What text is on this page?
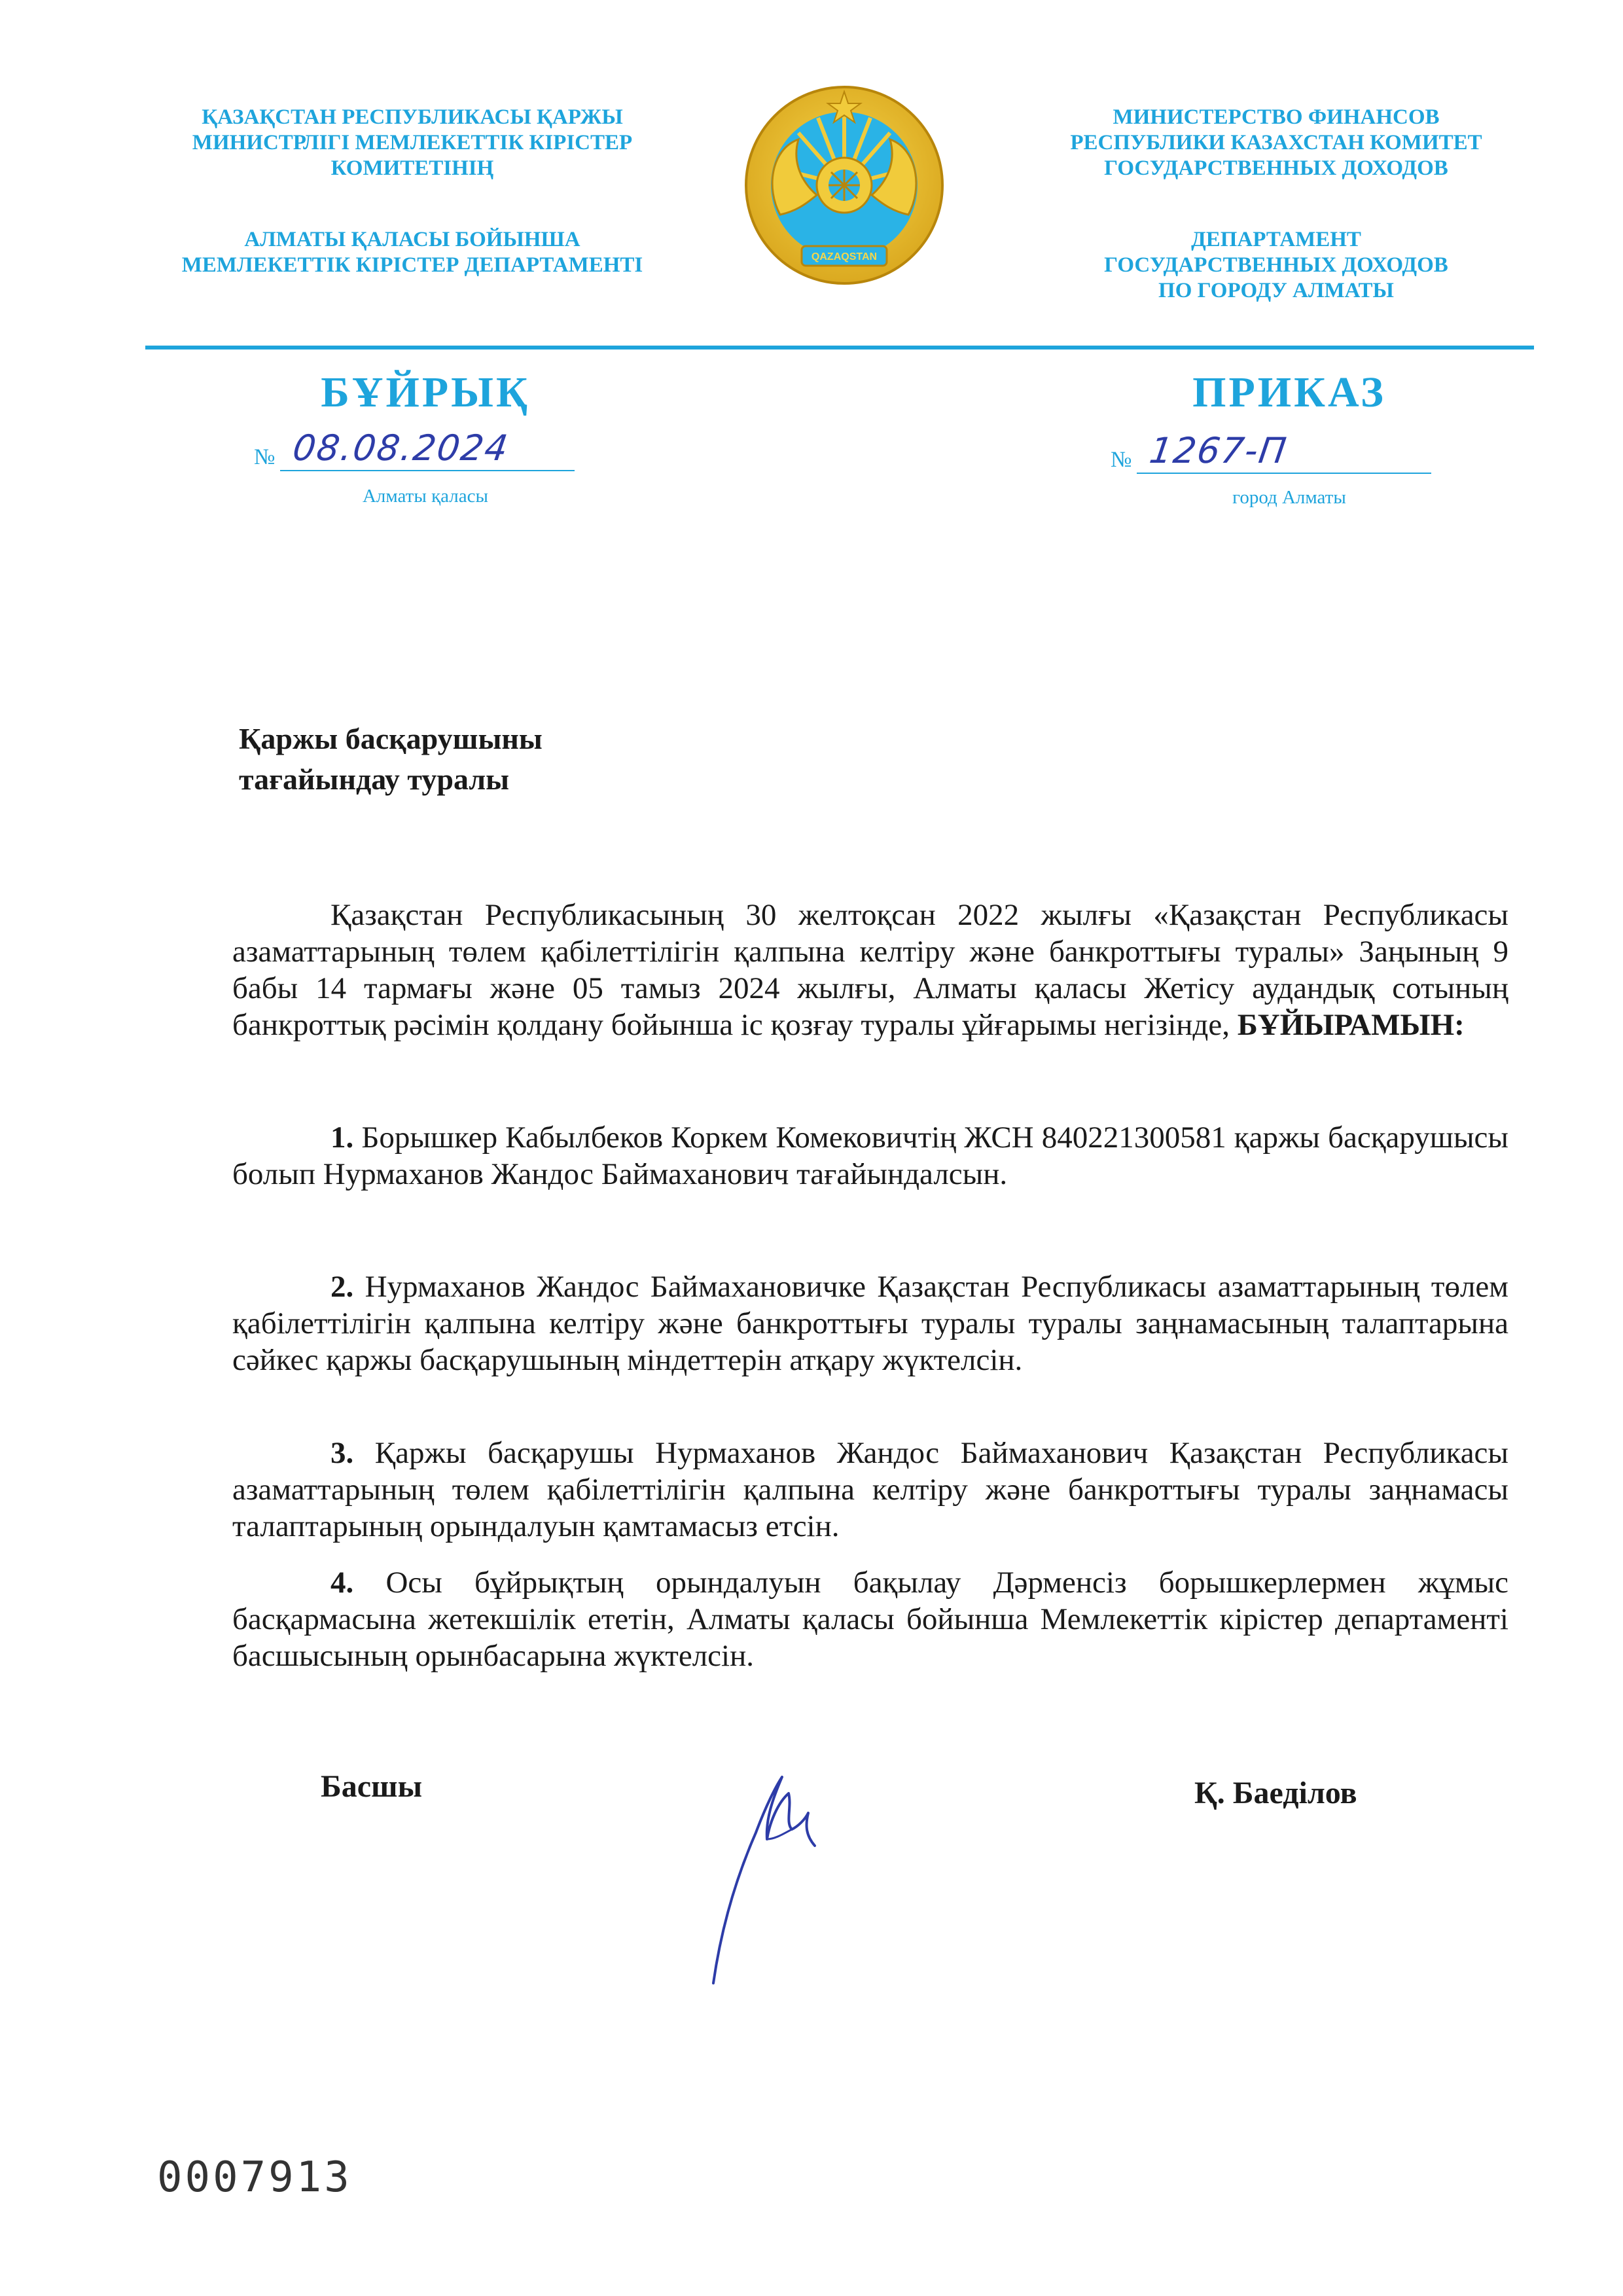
ҚАЗАҚСТАН РЕСПУБЛИКАСЫ ҚАРЖЫ
МИНИСТРЛІГІ МЕМЛЕКЕТТІК КІРІСТЕР
КОМИТЕТІНІҢ
АЛМАТЫ ҚАЛАСЫ БОЙЫНША
МЕМЛЕКЕТТІК КІРІСТЕР ДЕПАРТАМЕНТІ	QAZAQSTAN
МИНИСТЕРСТВО ФИНАНСОВ
РЕСПУБЛИКИ КАЗАХСТАН КОМИТЕТ
ГОСУДАРСТВЕННЫХ ДОХОДОВ
ДЕПАРТАМЕНТ
ГОСУДАРСТВЕННЫХ ДОХОДОВ
ПО ГОРОДУ АЛМАТЫ
БҰЙРЫҚ	ПРИКАЗ
№ 08.08.2024	№ 1267-П
Алматы қаласы	город Алматы
Қаржы басқарушыны
тағайындау туралы
Қазақстан Республикасының 30 желтоқсан 2022 жылғы «Қазақстан Республикасы азаматтарының төлем қабілеттілігін қалпына келтіру және банкроттығы туралы» Заңының 9 бабы 14 тармағы және 05 тамыз 2024 жылғы, Алматы қаласы Жетісу аудандық сотының банкроттық рәсімін қолдану бойынша іс қозғау туралы ұйғарымы негізінде, БҰЙЫРАМЫН:
1. Борышкер Кабылбеков Коркем Комековичтің ЖСН 840221300581 қаржы басқарушысы болып Нурмаханов Жандос Баймаханович тағайындалсын.
2. Нурмаханов Жандос Баймахановичке Қазақстан Республикасы азаматтарының төлем қабілеттілігін қалпына келтіру және банкроттығы туралы туралы заңнамасының талаптарына сәйкес қаржы басқарушының міндеттерін атқару жүктелсін.
3. Қаржы басқарушы Нурмаханов Жандос Баймаханович Қазақстан Республикасы азаматтарының төлем қабілеттілігін қалпына келтіру және банкроттығы туралы заңнамасы талаптарының орындалуын қамтамасыз етсін.
4. Осы бұйрықтың орындалуын бақылау Дәрменсіз борышкерлермен жұмыс басқармасына жетекшілік ететін, Алматы қаласы бойынша Мемлекеттік кірістер департаменті басшысының орынбасарына жүктелсін.
Басшы	Қ. Баеділов
0007913
